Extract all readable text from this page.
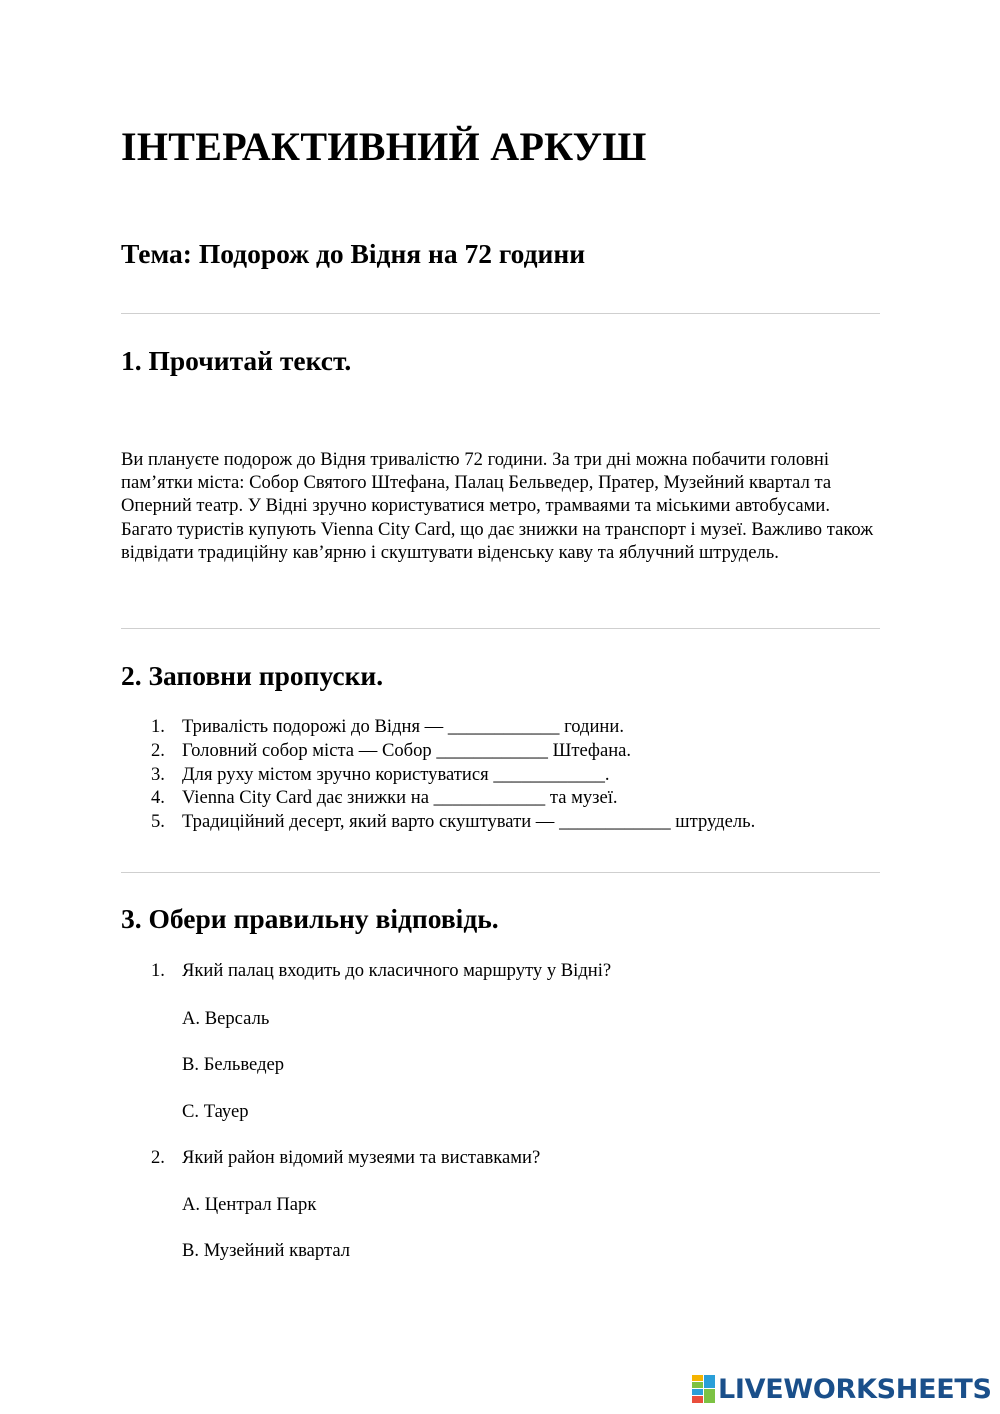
ІНТЕРАКТИВНИЙ АРКУШ
Тема: Подорож до Відня на 72 години
1. Прочитай текст.

Ви плануєте подорож до Відня тривалістю 72 години. За три дні можна побачити головні пам’ятки міста: Собор Святого Штефана, Палац Бельведер, Пратер, Музейний квартал та Оперний театр. У Відні зручно користуватися метро, трамваями та міськими автобусами. Багато туристів купують Vienna City Card, що дає знижки на транспорт і музеї. Важливо також відвідати традиційну кав’ярню і скуштувати віденську каву та яблучний штрудель.

2. Заповни пропуски.
1. Тривалість подорожі до Відня — ____________ години.
2. Головний собор міста — Собор ____________ Штефана.
3. Для руху містом зручно користуватися ____________.
4. Vienna City Card дає знижки на ____________ та музеї.
5. Традиційний десерт, який варто скуштувати — ____________ штрудель.
3. Обери правильну відповідь.
1. Який палац входить до класичного маршруту у Відні?
A. Версаль
B. Бельведер
C. Тауер
2. Який район відомий музеями та виставками?
A. Централ Парк
B. Музейний квартал
LIVEWORKSHEETS
